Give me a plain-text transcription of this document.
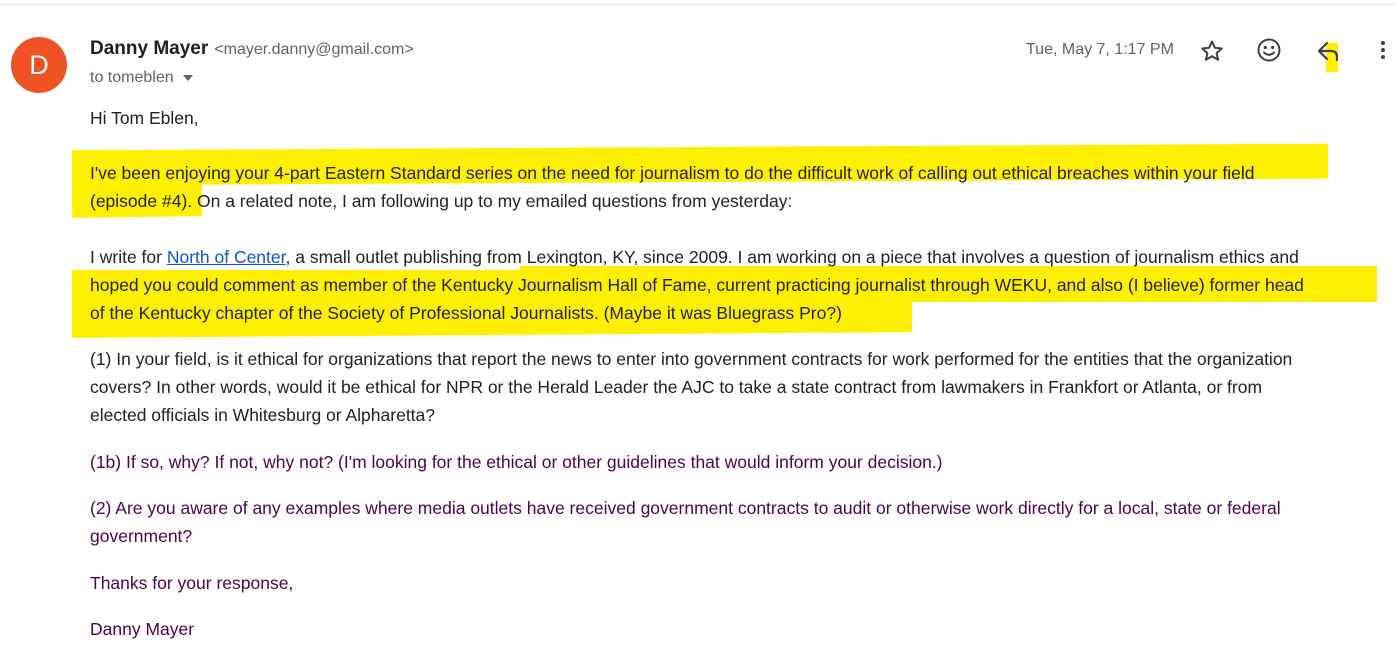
D
Danny Mayer <mayer.danny@gmail.com>
to tomeblen
Tue, May 7, 1:17 PM
Hi Tom Eblen,
I've been enjoying your 4-part Eastern Standard series on the need for journalism to do the difficult work of calling out ethical breaches within your field
(episode #4). On a related note, I am following up to my emailed questions from yesterday:
I write for North of Center, a small outlet publishing from Lexington, KY, since 2009. I am working on a piece that involves a question of journalism ethics and
hoped you could comment as member of the Kentucky Journalism Hall of Fame, current practicing journalist through WEKU, and also (I believe) former head
of the Kentucky chapter of the Society of Professional Journalists. (Maybe it was Bluegrass Pro?)
(1) In your field, is it ethical for organizations that report the news to enter into government contracts for work performed for the entities that the organization
covers? In other words, would it be ethical for NPR or the Herald Leader the AJC to take a state contract from lawmakers in Frankfort or Atlanta, or from
elected officials in Whitesburg or Alpharetta?
(1b) If so, why? If not, why not? (I'm looking for the ethical or other guidelines that would inform your decision.)
(2) Are you aware of any examples where media outlets have received government contracts to audit or otherwise work directly for a local, state or federal
government?
Thanks for your response,
Danny Mayer
